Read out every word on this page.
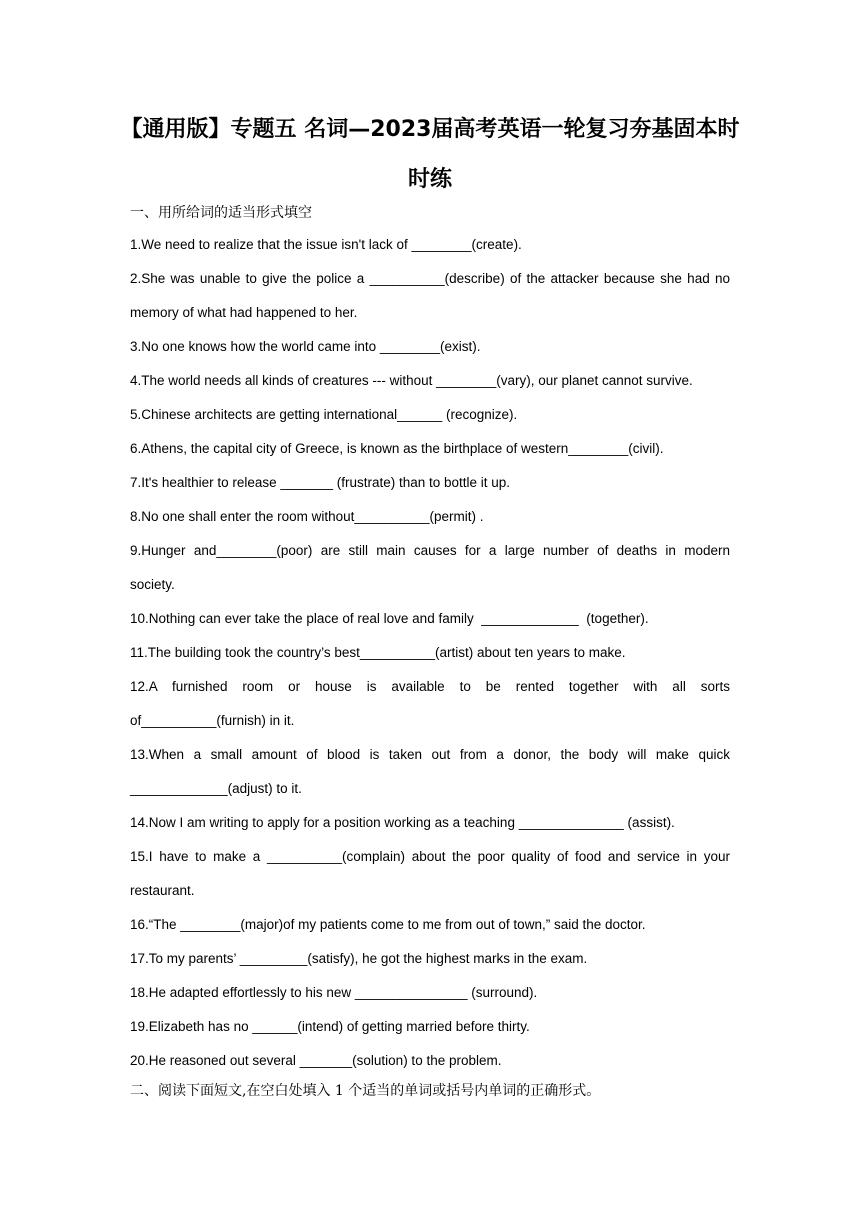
【通用版】专题五 名词—2023届高考英语一轮复习夯基固本时
时练
一、用所给词的适当形式填空
1.We need to realize that the issue isn't lack of ________(create).
2.She was unable to give the police a __________(describe) of the attacker because she had no
memory of what had happened to her.
3.No one knows how the world came into ________(exist).
4.The world needs all kinds of creatures --- without ________(vary), our planet cannot survive.
5.Chinese architects are getting international______ (recognize).
6.Athens, the capital city of Greece, is known as the birthplace of western________(civil).
7.It's healthier to release _______ (frustrate) than to bottle it up.
8.No one shall enter the room without__________(permit) .
9.Hunger and________(poor) are still main causes for a large number of deaths in modern
society.
10.Nothing can ever take the place of real love and family  _____________  (together).
11.The building took the country’s best__________(artist) about ten years to make.
12.A furnished room or house is available to be rented together with all sorts
of__________(furnish) in it.
13.When a small amount of blood is taken out from a donor, the body will make quick
_____________(adjust) to it.
14.Now I am writing to apply for a position working as a teaching ______________ (assist).
15.I have to make a __________(complain) about the poor quality of food and service in your
restaurant.
16.“The ________(major)of my patients come to me from out of town,” said the doctor.
17.To my parents’ _________(satisfy), he got the highest marks in the exam.
18.He adapted effortlessly to his new _______________ (surround).
19.Elizabeth has no ______(intend) of getting married before thirty.
20.He reasoned out several _______(solution) to the problem.
二、阅读下面短文,在空白处填入 1 个适当的单词或括号内单词的正确形式。
